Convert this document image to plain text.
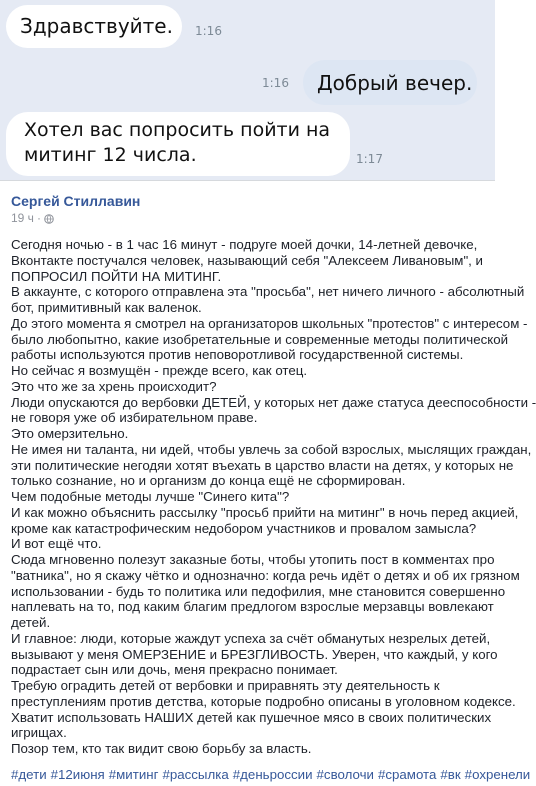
Здравствуйте.	1:16
Добрый вечер.
1:16
Хотел вас попросить пойти на
митинг 12 числа.	1:17
Сергей Стиллавин
19 ч ·
Сегодня ночью - в 1 час 16 минут - подруге моей дочки, 14-летней девочке,
Вконтакте постучался человек, называющий себя "Алексеем Ливановым", и
ПОПРОСИЛ ПОЙТИ НА МИТИНГ.
В аккаунте, с которого отправлена эта "просьба", нет ничего личного - абсолютный
бот, примитивный как валенок.
До этого момента я смотрел на организаторов школьных "протестов" с интересом -
было любопытно, какие изобретательные и современные методы политической
работы используются против неповоротливой государственной системы.
Но сейчас я возмущён - прежде всего, как отец.
Это что же за хрень происходит?
Люди опускаются до вербовки ДЕТЕЙ, у которых нет даже статуса дееспособности -
не говоря уже об избирательном праве.
Это омерзительно.
Не имея ни таланта, ни идей, чтобы увлечь за собой взрослых, мыслящих граждан,
эти политические негодяи хотят въехать в царство власти на детях, у которых не
только сознание, но и организм до конца ещё не сформирован.
Чем подобные методы лучше "Синего кита"?
И как можно объяснить рассылку "просьб прийти на митинг" в ночь перед акцией,
кроме как катастрофическим недобором участников и провалом замысла?
И вот ещё что.
Сюда мгновенно полезут заказные боты, чтобы утопить пост в комментах про
"ватника", но я скажу чётко и однозначно: когда речь идёт о детях и об их грязном
использовании - будь то политика или педофилия, мне становится совершенно
наплевать на то, под каким благим предлогом взрослые мерзавцы вовлекают
детей.
И главное: люди, которые жаждут успеха за счёт обманутых незрелых детей,
вызывают у меня ОМЕРЗЕНИЕ и БРЕЗГЛИВОСТЬ. Уверен, что каждый, у кого
подрастает сын или дочь, меня прекрасно понимает.
Требую оградить детей от вербовки и приравнять эту деятельность к
преступлениям против детства, которые подробно описаны в уголовном кодексе.
Хватит использовать НАШИХ детей как пушечное мясо в своих политических
игрищах.
Позор тем, кто так видит свою борьбу за власть.
#дети #12июня #митинг #рассылка #деньроссии #сволочи #срамота #вк #охренели
